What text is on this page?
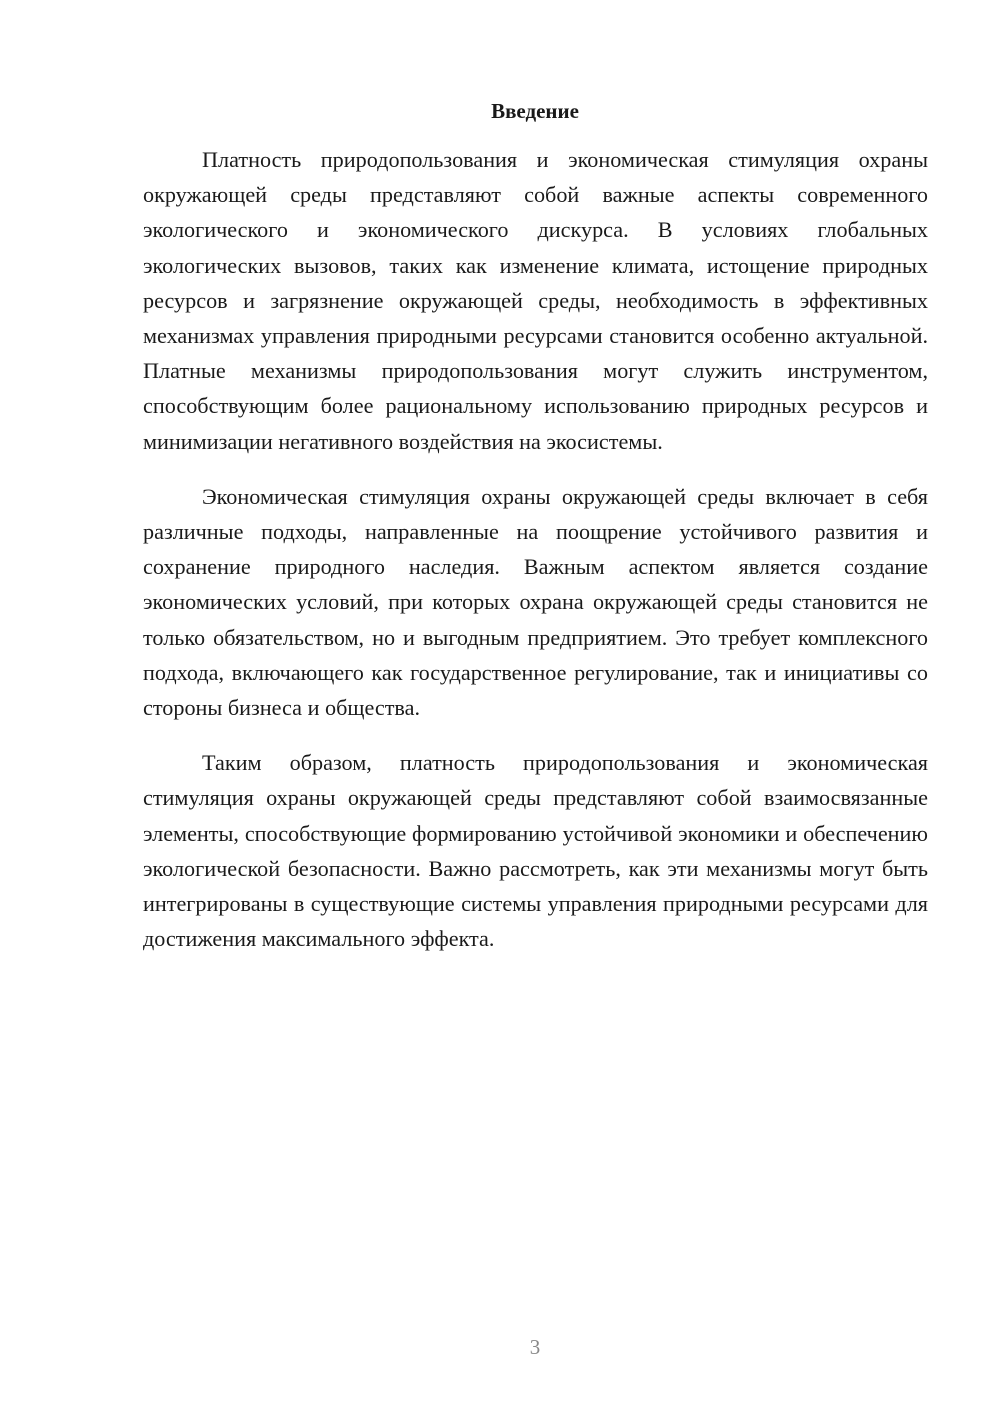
Введение

Платность природопользования и экономическая стимуляция охраны окружающей среды представляют собой важные аспекты современного экологического и экономического дискурса. В условиях глобальных экологических вызовов, таких как изменение климата, истощение природных ресурсов и загрязнение окружающей среды, необходимость в эффективных механизмах управления природными ресурсами становится особенно актуальной. Платные механизмы природопользования могут служить инструментом, способствующим более рациональному использованию природных ресурсов и минимизации негативного воздействия на экосистемы.

Экономическая стимуляция охраны окружающей среды включает в себя различные подходы, направленные на поощрение устойчивого развития и сохранение природного наследия. Важным аспектом является создание экономических условий, при которых охрана окружающей среды становится не только обязательством, но и выгодным предприятием. Это требует комплексного подхода, включающего как государственное регулирование, так и инициативы со стороны бизнеса и общества.

Таким образом, платность природопользования и экономическая стимуляция охраны окружающей среды представляют собой взаимосвязанные элементы, способствующие формированию устойчивой экономики и обеспечению экологической безопасности. Важно рассмотреть, как эти механизмы могут быть интегрированы в существующие системы управления природными ресурсами для достижения максимального эффекта.

3
